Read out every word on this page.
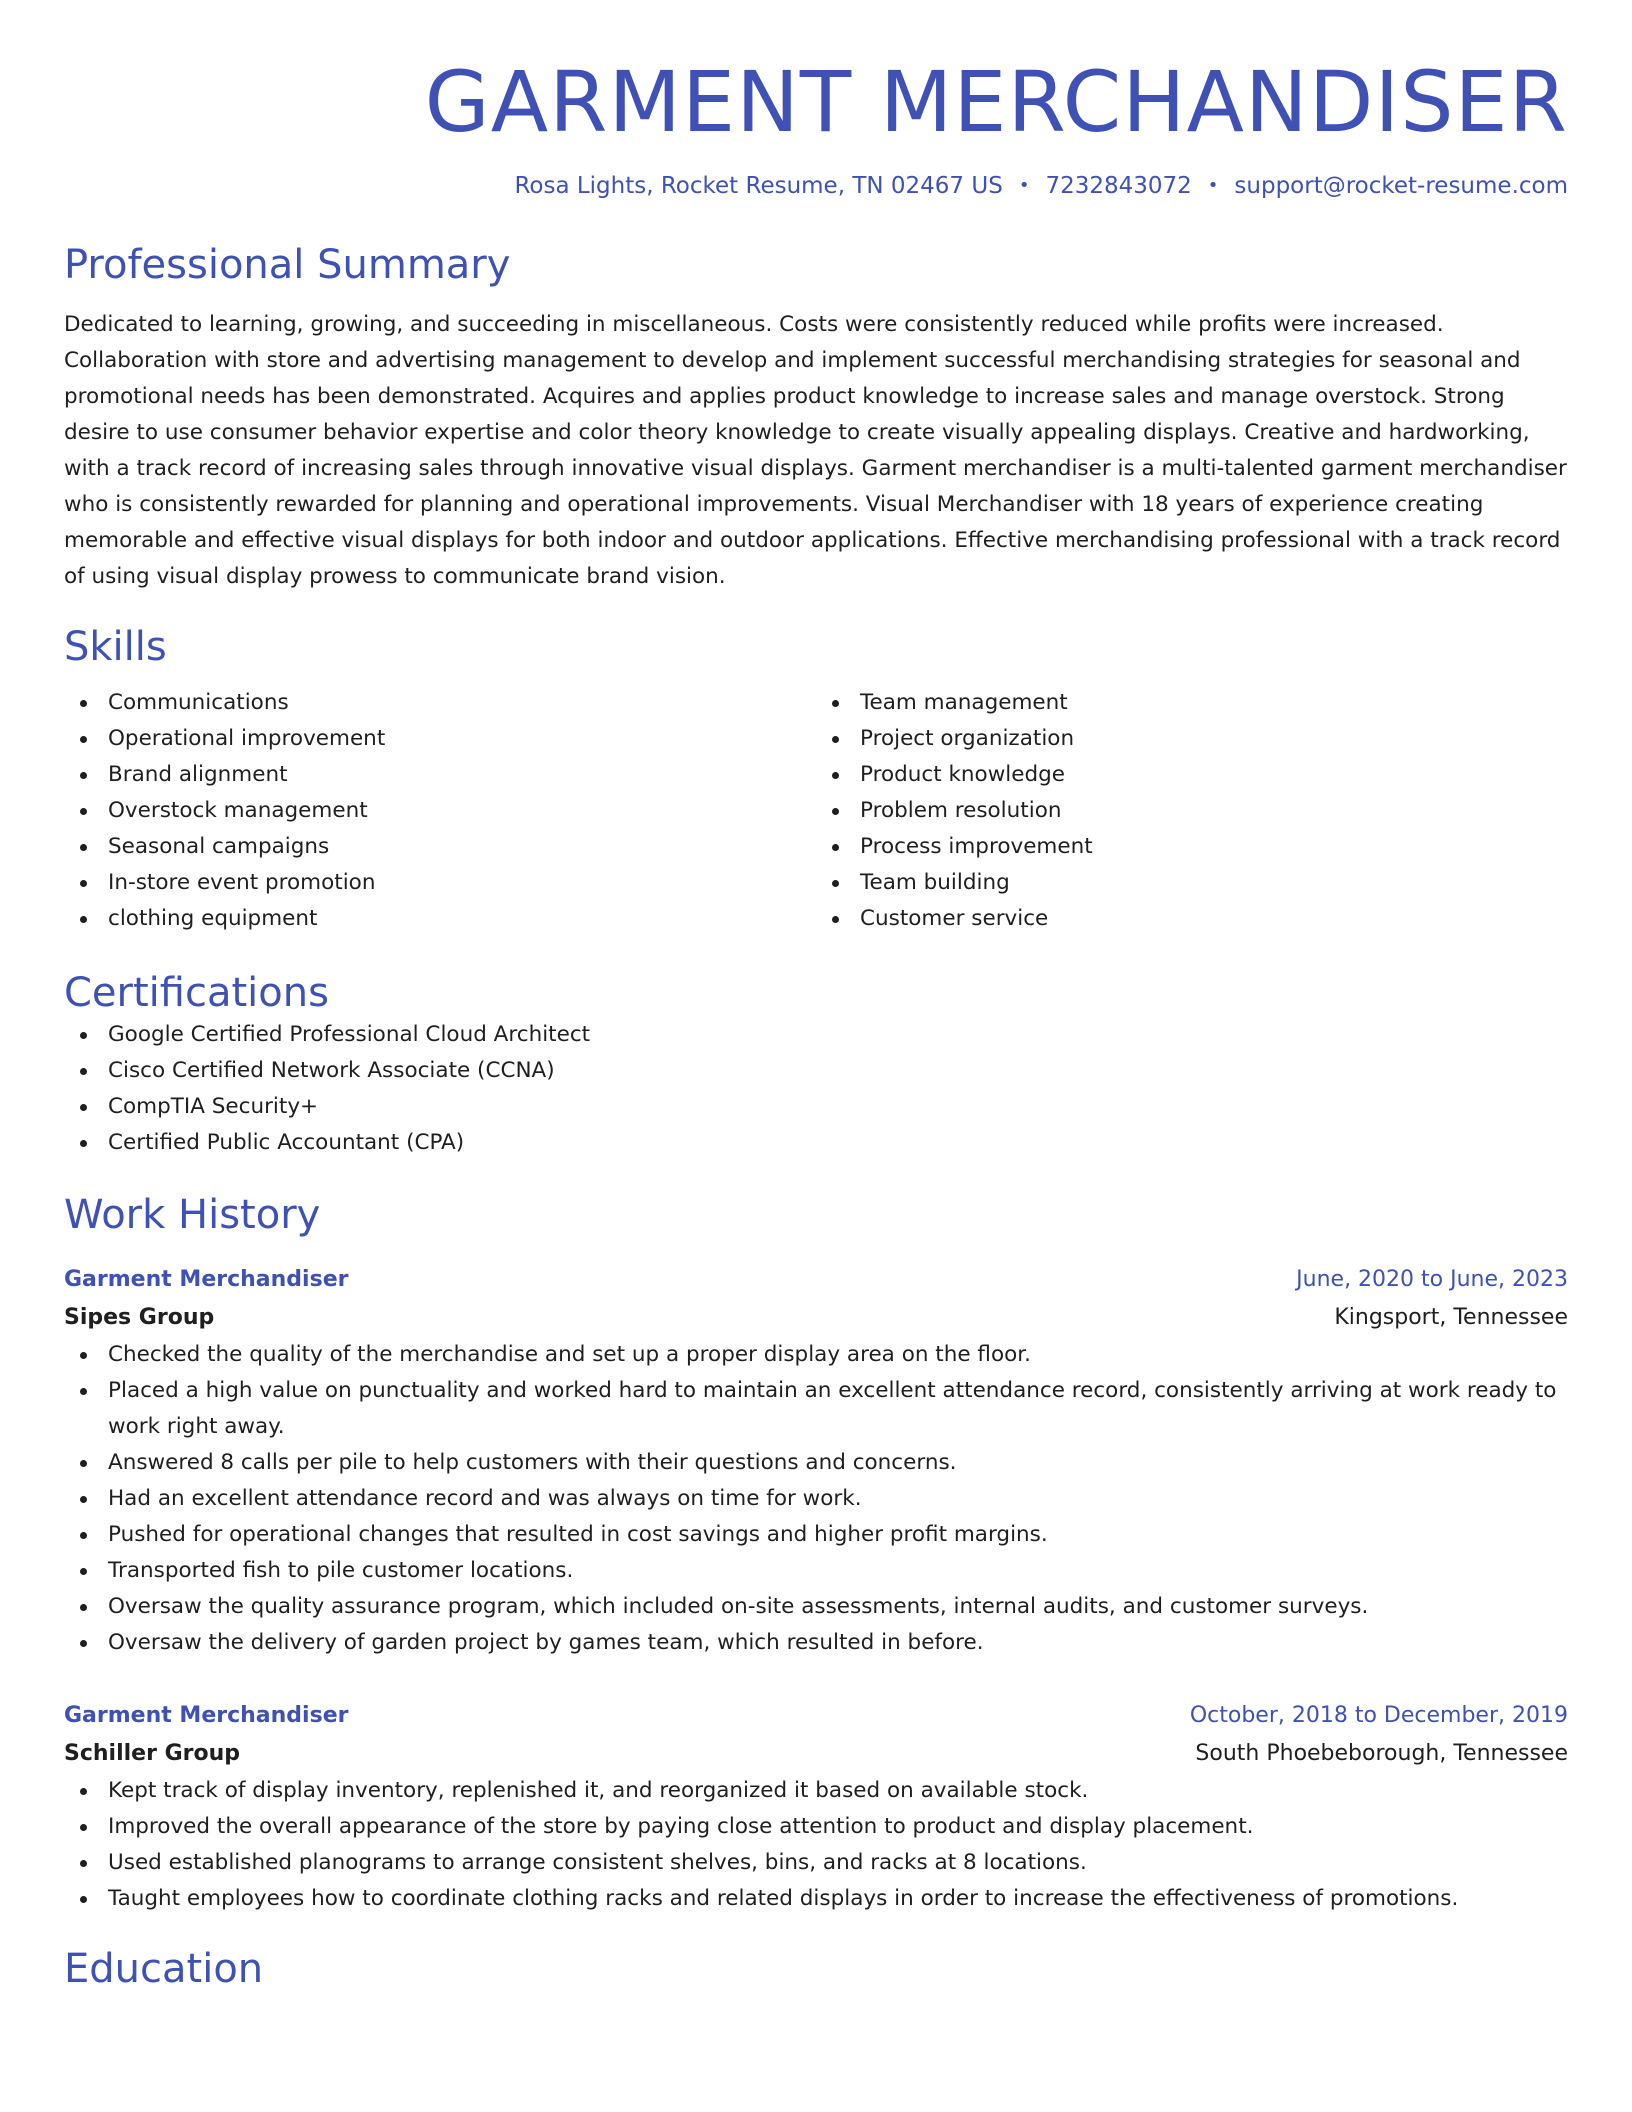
GARMENT MERCHANDISER
Rosa Lights, Rocket Resume, TN 02467 US • 7232843072 • support@rocket-resume.com
Professional Summary
Dedicated to learning, growing, and succeeding in miscellaneous. Costs were consistently reduced while profits were increased. Collaboration with store and advertising management to develop and implement successful merchandising strategies for seasonal and promotional needs has been demonstrated. Acquires and applies product knowledge to increase sales and manage overstock. Strong desire to use consumer behavior expertise and color theory knowledge to create visually appealing displays. Creative and hardworking, with a track record of increasing sales through innovative visual displays. Garment merchandiser is a multi-talented garment merchandiser who is consistently rewarded for planning and operational improvements. Visual Merchandiser with 18 years of experience creating memorable and effective visual displays for both indoor and outdoor applications. Effective merchandising professional with a track record of using visual display prowess to communicate brand vision.
Skills
Communications
Operational improvement
Brand alignment
Overstock management
Seasonal campaigns
In-store event promotion
clothing equipment
Team management
Project organization
Product knowledge
Problem resolution
Process improvement
Team building
Customer service
Certifications
Google Certified Professional Cloud Architect
Cisco Certified Network Associate (CCNA)
CompTIA Security+
Certified Public Accountant (CPA)
Work History
Garment Merchandiser	June, 2020 to June, 2023
Sipes Group	Kingsport, Tennessee
Checked the quality of the merchandise and set up a proper display area on the floor.
Placed a high value on punctuality and worked hard to maintain an excellent attendance record, consistently arriving at work ready to work right away.
Answered 8 calls per pile to help customers with their questions and concerns.
Had an excellent attendance record and was always on time for work.
Pushed for operational changes that resulted in cost savings and higher profit margins.
Transported fish to pile customer locations.
Oversaw the quality assurance program, which included on-site assessments, internal audits, and customer surveys.
Oversaw the delivery of garden project by games team, which resulted in before.
Garment Merchandiser	October, 2018 to December, 2019
Schiller Group	South Phoebeborough, Tennessee
Kept track of display inventory, replenished it, and reorganized it based on available stock.
Improved the overall appearance of the store by paying close attention to product and display placement.
Used established planograms to arrange consistent shelves, bins, and racks at 8 locations.
Taught employees how to coordinate clothing racks and related displays in order to increase the effectiveness of promotions.
Education
